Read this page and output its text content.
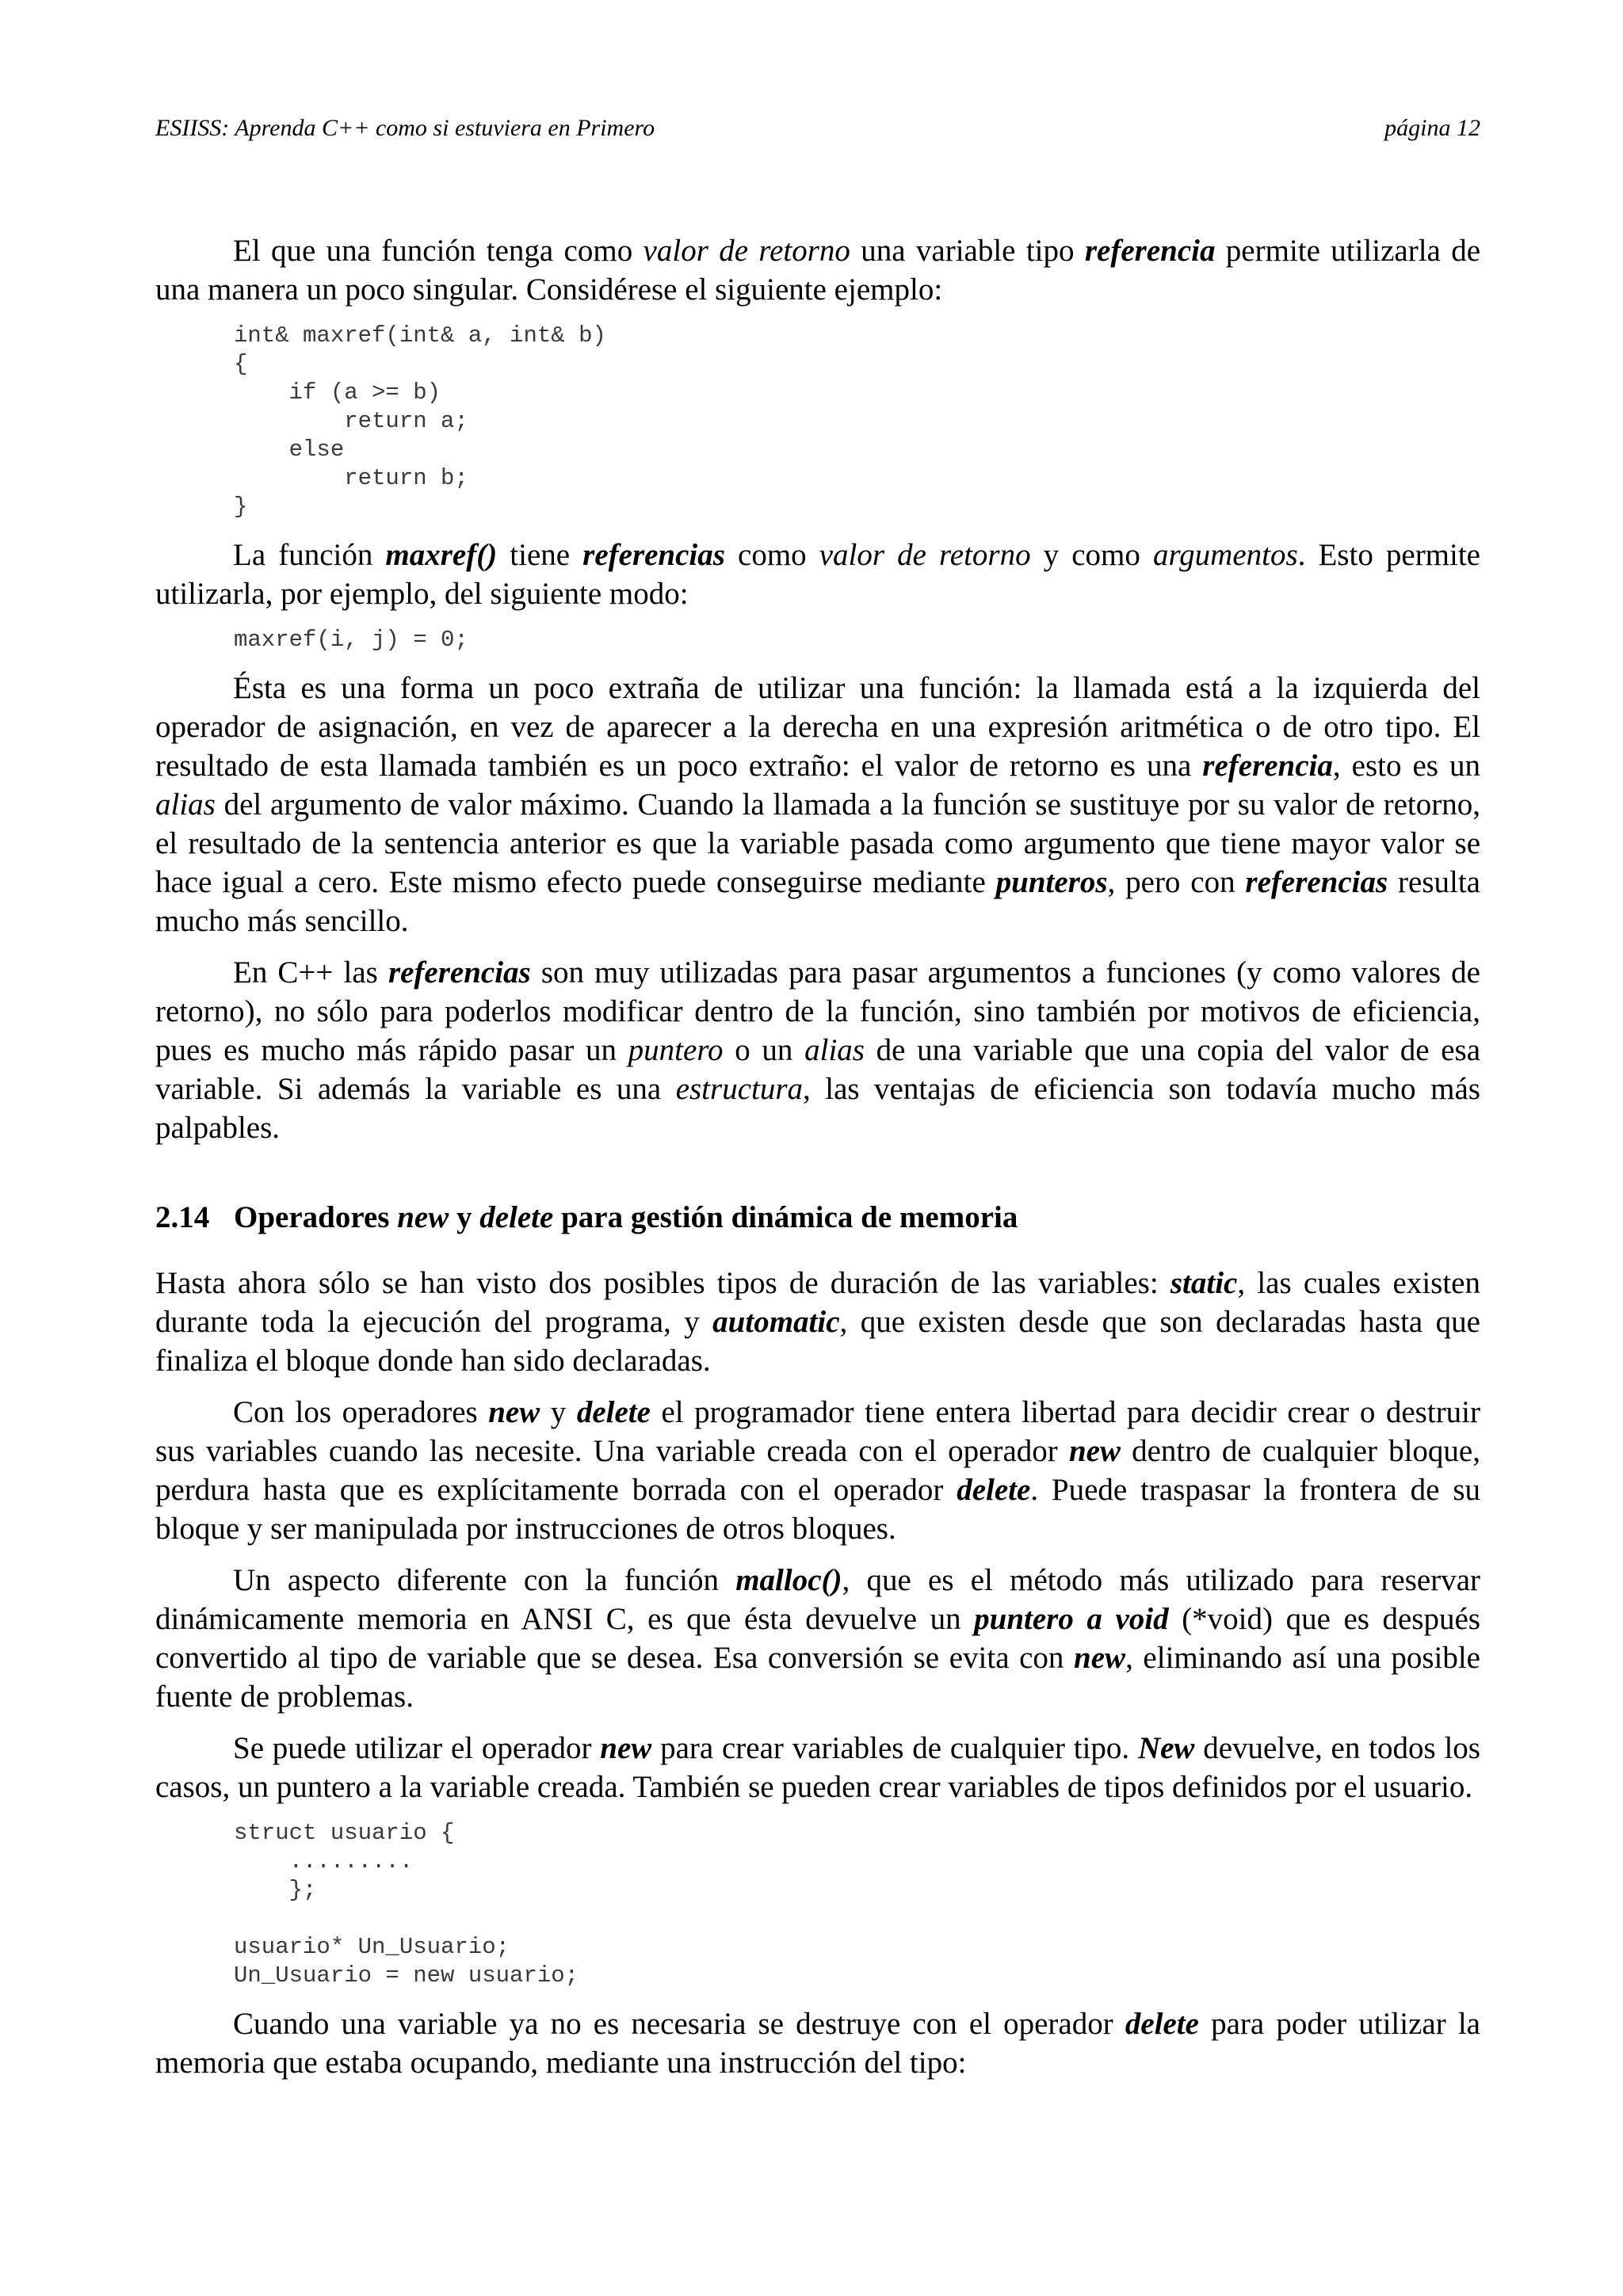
ESIISS: Aprenda C++ como si estuviera en Primero	página 12

El que una función tenga como valor de retorno una variable tipo referencia permite utilizarla de una manera un poco singular. Considérese el siguiente ejemplo:

int& maxref(int& a, int& b)
{
if (a >= b)
return a;
else
return b;
}

La función maxref() tiene referencias como valor de retorno y como argumentos. Esto permite utilizarla, por ejemplo, del siguiente modo:

maxref(i, j) = 0;

Ésta es una forma un poco extraña de utilizar una función: la llamada está a la izquierda del operador de asignación, en vez de aparecer a la derecha en una expresión aritmética o de otro tipo. El resultado de esta llamada también es un poco extraño: el valor de retorno es una referencia, esto es un alias del argumento de valor máximo. Cuando la llamada a la función se sustituye por su valor de retorno, el resultado de la sentencia anterior es que la variable pasada como argumento que tiene mayor valor se hace igual a cero. Este mismo efecto puede conseguirse mediante punteros, pero con referencias resulta mucho más sencillo.

En C++ las referencias son muy utilizadas para pasar argumentos a funciones (y como valores de retorno), no sólo para poderlos modificar dentro de la función, sino también por motivos de eficiencia, pues es mucho más rápido pasar un puntero o un alias de una variable que una copia del valor de esa variable. Si además la variable es una estructura, las ventajas de eficiencia son todavía mucho más palpables.

2.14 Operadores new y delete para gestión dinámica de memoria

Hasta ahora sólo se han visto dos posibles tipos de duración de las variables: static, las cuales existen durante toda la ejecución del programa, y automatic, que existen desde que son declaradas hasta que finaliza el bloque donde han sido declaradas.

Con los operadores new y delete el programador tiene entera libertad para decidir crear o destruir sus variables cuando las necesite. Una variable creada con el operador new dentro de cualquier bloque, perdura hasta que es explícitamente borrada con el operador delete. Puede traspasar la frontera de su bloque y ser manipulada por instrucciones de otros bloques.

Un aspecto diferente con la función malloc(), que es el método más utilizado para reservar dinámicamente memoria en ANSI C, es que ésta devuelve un puntero a void (*void) que es después convertido al tipo de variable que se desea. Esa conversión se evita con new, eliminando así una posible fuente de problemas.

Se puede utilizar el operador new para crear variables de cualquier tipo. New devuelve, en todos los casos, un puntero a la variable creada. También se pueden crear variables de tipos definidos por el usuario.

struct usuario {
.........
};

usuario* Un_Usuario;
Un_Usuario = new usuario;

Cuando una variable ya no es necesaria se destruye con el operador delete para poder utilizar la memoria que estaba ocupando, mediante una instrucción del tipo:
